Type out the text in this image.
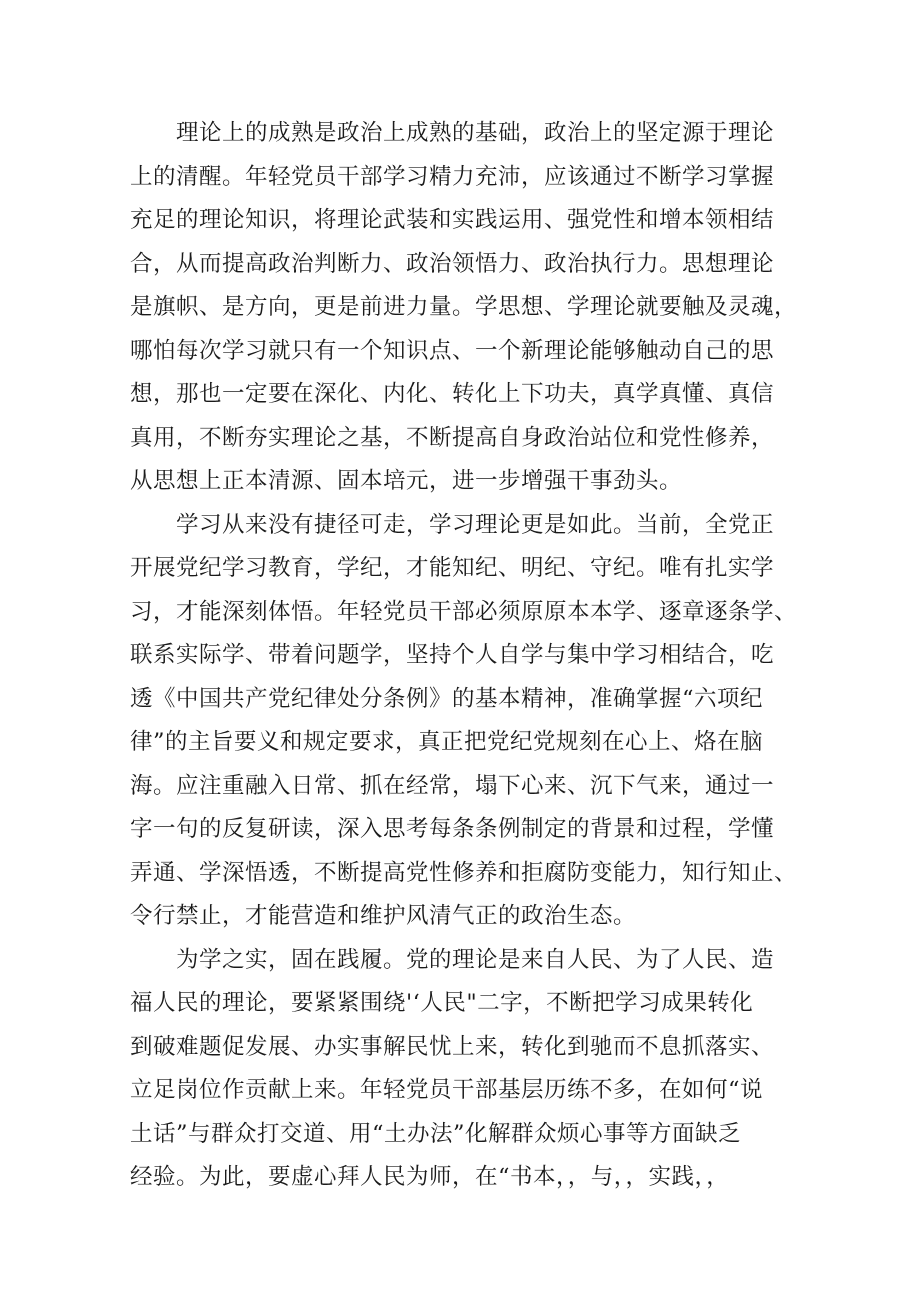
　　理论上的成熟是政治上成熟的基础，政治上的坚定源于理论
上的清醒。年轻党员干部学习精力充沛，应该通过不断学习掌握
充足的理论知识，将理论武装和实践运用、强党性和增本领相结
合，从而提高政治判断力、政治领悟力、政治执行力。思想理论
是旗帜、是方向，更是前进力量。学思想、学理论就要触及灵魂，
哪怕每次学习就只有一个知识点、一个新理论能够触动自己的思
想，那也一定要在深化、内化、转化上下功夫，真学真懂、真信
真用，不断夯实理论之基，不断提高自身政治站位和党性修养，
从思想上正本清源、固本培元，进一步增强干事劲头。
　　学习从来没有捷径可走，学习理论更是如此。当前，全党正
开展党纪学习教育，学纪，才能知纪、明纪、守纪。唯有扎实学
习，才能深刻体悟。年轻党员干部必须原原本本学、逐章逐条学、
联系实际学、带着问题学，坚持个人自学与集中学习相结合，吃
透《中国共产党纪律处分条例》的基本精神，准确掌握“六项纪
律”的主旨要义和规定要求，真正把党纪党规刻在心上、烙在脑
海。应注重融入日常、抓在经常，塌下心来、沉下气来，通过一
字一句的反复研读，深入思考每条条例制定的背景和过程，学懂
弄通、学深悟透，不断提高党性修养和拒腐防变能力，知行知止、
令行禁止，才能营造和维护风清气正的政治生态。
　　为学之实，固在践履。党的理论是来自人民、为了人民、造
福人民的理论，要紧紧围绕'‘人民"二字，不断把学习成果转化
到破难题促发展、办实事解民忧上来，转化到驰而不息抓落实、
立足岗位作贡献上来。年轻党员干部基层历练不多，在如何“说
土话”与群众打交道、用“土办法”化解群众烦心事等方面缺乏
经验。为此，要虚心拜人民为师，在“书本，，与，，实践，，
